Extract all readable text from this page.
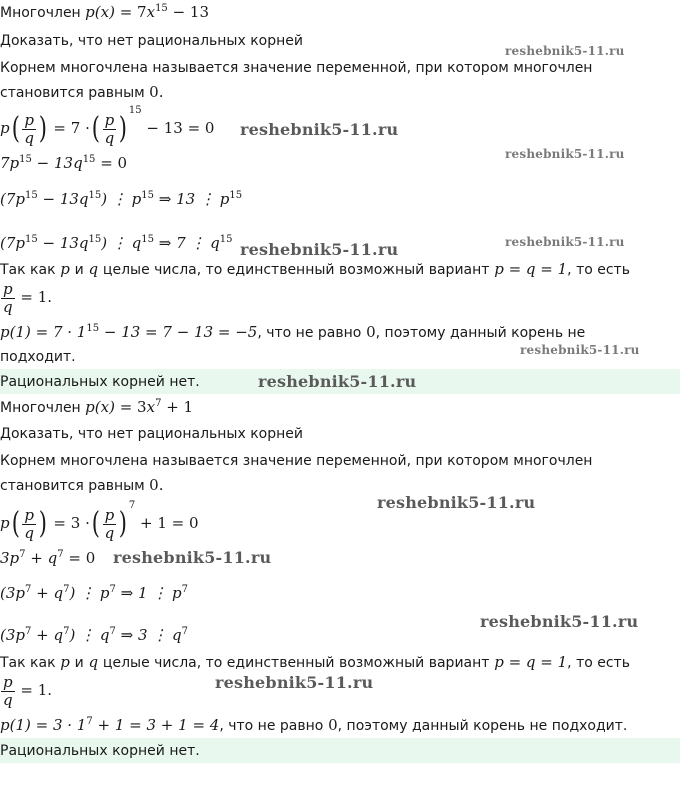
Многочлен $p(x) = 7x^{15} - 13$
Доказать, что нет рациональных корней
Корнем многочлена называется значение переменной, при котором многочлен
становится равным 0.
$p( \frac{p}{q}$ ) = 7 ·( $\frac{p}{q} )^{15} - 13 = 0$
$7p^{15} - 13q^{15} = 0$
$(7p^{15} - 13q^{15})$ ⋮ $p^{15}$ ⇒ 13 ⋮ $p^{15}$
$(7p^{15} - 13q^{15})$ ⋮ $q^{15}$ ⇒ 7 ⋮ $q^{15}$
Так как p и q целые числа, то единственный возможный вариант p = q = 1, то есть
$\frac{p}{q} = 1$.
$p(1) = 7 \cdot 1^{15} - 13 = 7 - 13 = -5$, что не равно 0, поэтому данный корень не
подходит.
Рациональных корней нет.
Многочлен $p(x) = 3x^7 + 1$
Доказать, что нет рациональных корней
Корнем многочлена называется значение переменной, при котором многочлен
становится равным 0.
$p( \frac{p}{q}$ ) = 3 ·( $\frac{p}{q} )^7 + 1 = 0$
$3p^7 + q^7 = 0$
$(3p^7 + q^7)$ ⋮ $p^7$ ⇒ 1 ⋮ $p^7$
$(3p^7 + q^7)$ ⋮ $q^7$ ⇒ 3 ⋮ $q^7$
Так как p и q целые числа, то единственный возможный вариант p = q = 1, то есть
$\frac{p}{q} = 1$.
$p(1) = 3 \cdot 1^7 + 1 = 3 + 1 = 4$, что не равно 0, поэтому данный корень не подходит.
Рациональных корней нет.
reshebnik5-11.ru
reshebnik5-11.ru
reshebnik5-11.ru
reshebnik5-11.ru	reshebnik5-11.ru
reshebnik5-11.ru
reshebnik5-11.ru
reshebnik5-11.ru
reshebnik5-11.ru
reshebnik5-11.ru
reshebnik5-11.ru
